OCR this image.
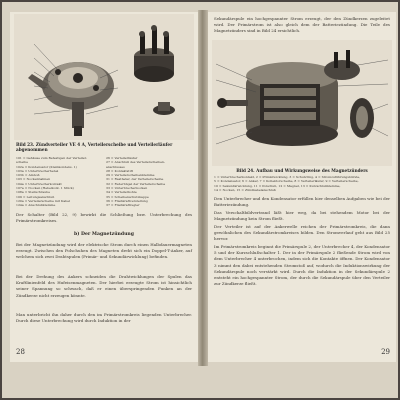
Bild 23. Zündverteiler VE 4 A, Verteilerscheibe und Verteilerläufer abgenommen
101 = Gehäuse zum Befestigen der Verteiler-
scheibe
102a = Kondensator (Kleinkondens. 1)
103a = Unterbrecherhebel
103b = Amboß
103 = Nockenbahnen
104a = Unterbrecherkontakt
107a = Nocken (Hebelkont. 1 Stück)
108a = Stellschraube
109 = Leitungsanschluß
120a = Verteilerscheibe mit Kabel
124a = Anschlußklemme
26 = Verteilerläufer
27 = Anschluß des Verteilerscheiben-
anschlusses
28 = Kontaktstift
29 = Verteilerscheibenklemme
31 = Rastfeder, der Verteilerscheibe
32 = Federbügel der Verteilerscheibe
33 = Unterbrechernocken
34 = Verteilerkohle
35 = Scheibenschutzkappe
36 = Fliehkraftverstellung
37 = Fliehkraftregler
Der Schalter (Bild 22, 9) bewirkt die Schließung bzw. Unterbrechung des Primärstromkreises.
b) Der Magnetzündung
Bei der Magnetzündung wird der elektrische Strom durch einen Halbdauermagneten erzeugt. Zwischen den Polschuhen des Magneten dreht sich ein Doppel-T-Anker, auf welchem sich zwei Drahtspulen (Primär- und Sekundärwicklung) befinden.
Bei der Drehung des Ankers schneiden die Drahtwicklungen der Spulen das Kraftlinienfeld des Hufeisenmagneten. Der hierbei erzeugte Strom ist hinsichtlich seiner Spannung so schwach, daß er einen überspringenden Funken an der Zündkerze nicht erzeugen könnte.
Man unterbricht ihn daher durch den im Primärstromkreis liegenden Unterbrecher. Durch diese Unterbrechung wird durch Induktion in der
28
Sekundärspule ein hochgespannter Strom erzeugt, der den Zündkerzen zugeleitet wird. Der Primärstrom ist also gleich dem der Batteriezündung. Die Teile des Magnetzünders sind in Bild 24 ersichtlich.
Bild 24. Aufbau und Wirkungsweise des Magnetzünders
1 = Unterbrecherkontakt, 2 = Primärwicklung, 3 = Schutzring, 4 = Stromzuführungsbürste,
5 = Kondensator, 6 = Anker, 7 = Kollektorscheibe, 8 = Verteilerläufer, 9 = Verteilerscheibe,
10 = Sekundärwicklung, 11 = Polschuh, 12 = Magnet, 13 = Kurzschlußklemme,
14 = Nocken, 15 = Zündkabelanschluß
Den Unterbrecher und den Kondensator erfüllen hier denselben Aufgaben wie bei der Batteriezündung.
Das Verschaltbildvertrand läßt hier weg, da bei stehendem Motor bei der Magnetzündung kein Strom fließt.
Der Verteiler ist auf der Ankerwelle reichen der Primärstromkreis, die dann gewöhnlichen des Sekundärstromkreises bilden. Den Stromverlauf geht aus Bild 25 hervor.
Im Primärstromkreis beginnt die Primärspule 2, der Unterbrecher 4, der Kondensator 5 und der Kurzschlußschalter 1. Der in der Primärspule 2 fließende Strom wird von dem Unterbrecher 4 unterbrochen, indem sich die Kontakte öffnen. Der Kondensator 3 nimmt den dabei entstehenden Stromstoß auf, wodurch die Induktionswirkung der Sekundärspule noch verstärkt wird. Durch die Induktion in der Sekundärspule 2 entsteht ein hochgespannter Strom, der durch die Sekundärspule über den Verteiler zur Zündkerze fließt.
29
